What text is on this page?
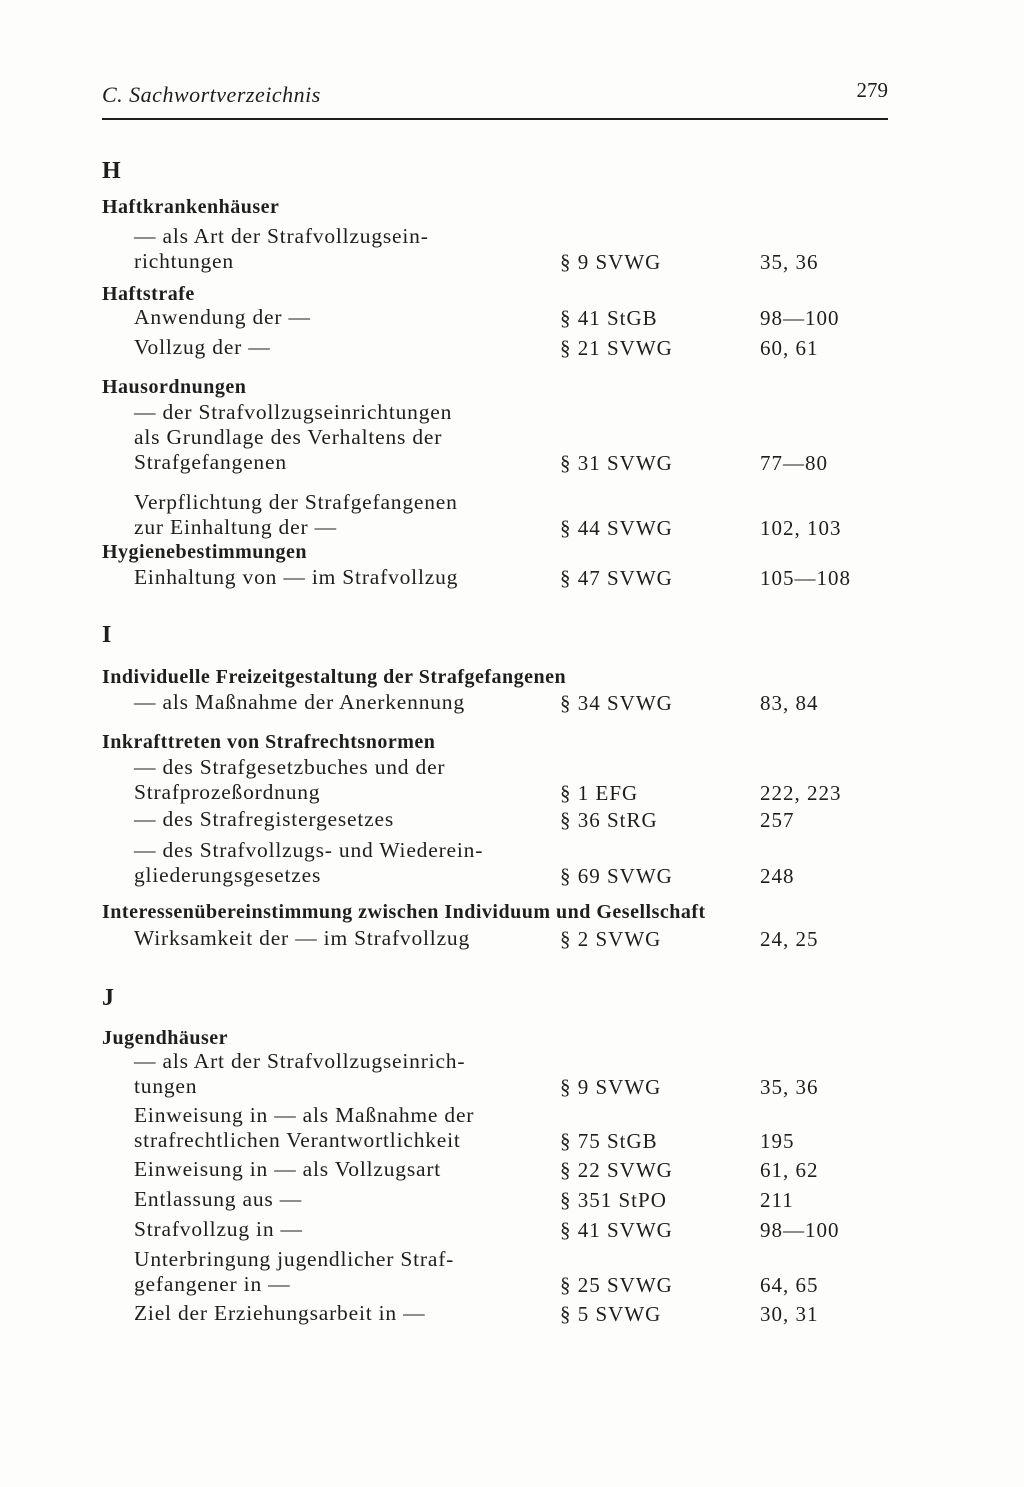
C. Sachwortverzeichnis	279
H
Haftkrankenhäuser
— als Art der Strafvollzugsein-
richtungen	§ 9 SVWG	35, 36
Haftstrafe
Anwendung der —	§ 41 StGB	98—100
Vollzug der —	§ 21 SVWG	60, 61
Hausordnungen
— der Strafvollzugseinrichtungen
als Grundlage des Verhaltens der
Strafgefangenen	§ 31 SVWG	77—80
Verpflichtung der Strafgefangenen
zur Einhaltung der —	§ 44 SVWG	102, 103
Hygienebestimmungen
Einhaltung von — im Strafvollzug	§ 47 SVWG	105—108
I
Individuelle Freizeitgestaltung der Strafgefangenen
— als Maßnahme der Anerkennung	§ 34 SVWG	83, 84
Inkrafttreten von Strafrechtsnormen
— des Strafgesetzbuches und der
Strafprozeßordnung	§ 1 EFG	222, 223
— des Strafregistergesetzes	§ 36 StRG	257
— des Strafvollzugs- und Wiederein-
gliederungsgesetzes	§ 69 SVWG	248
Interessenübereinstimmung zwischen Individuum und Gesellschaft
Wirksamkeit der — im Strafvollzug	§ 2 SVWG	24, 25
J
Jugendhäuser
— als Art der Strafvollzugseinrich-
tungen	§ 9 SVWG	35, 36
Einweisung in — als Maßnahme der
strafrechtlichen Verantwortlichkeit	§ 75 StGB	195
Einweisung in — als Vollzugsart	§ 22 SVWG	61, 62
Entlassung aus —	§ 351 StPO	211
Strafvollzug in —	§ 41 SVWG	98—100
Unterbringung jugendlicher Straf-
gefangener in —	§ 25 SVWG	64, 65
Ziel der Erziehungsarbeit in —	§ 5 SVWG	30, 31
